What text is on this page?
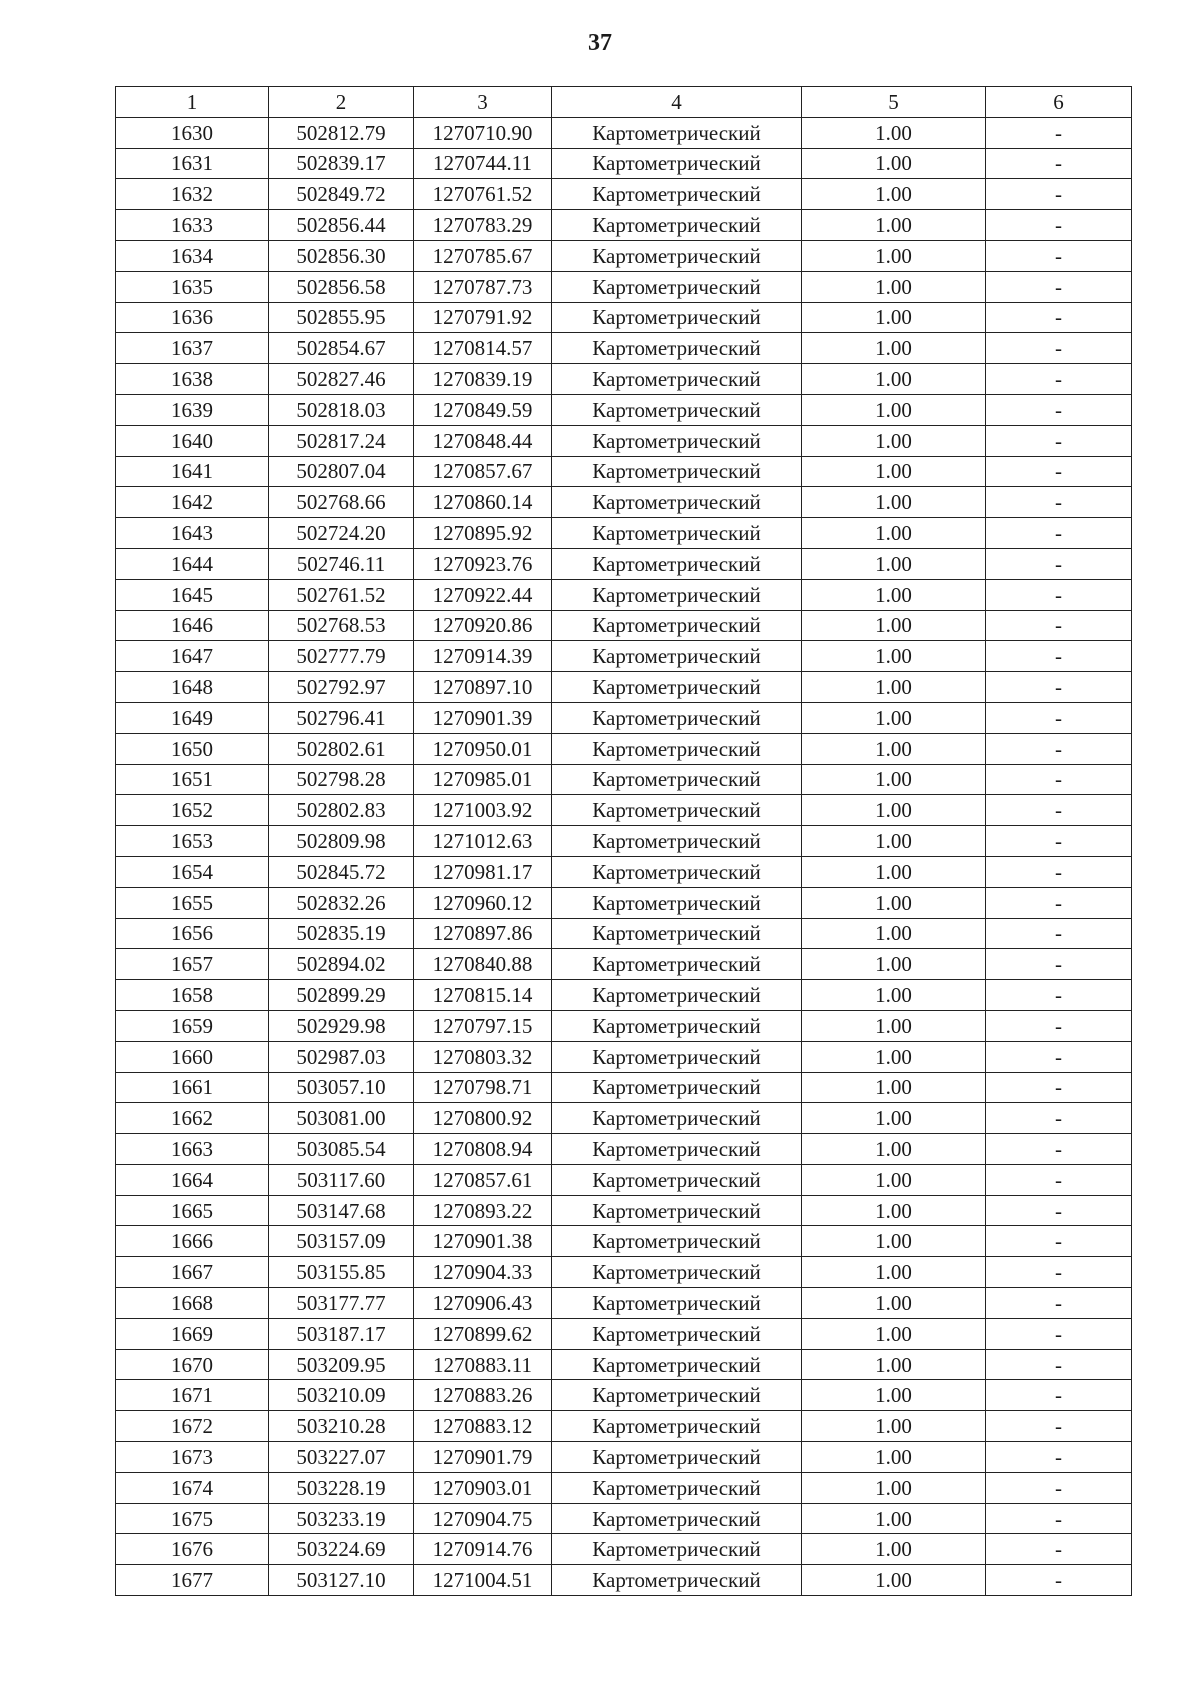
37
1	2	3	4	5	6
1630	502812.79	1270710.90	Картометрический	1.00	-
1631	502839.17	1270744.11	Картометрический	1.00	-
1632	502849.72	1270761.52	Картометрический	1.00	-
1633	502856.44	1270783.29	Картометрический	1.00	-
1634	502856.30	1270785.67	Картометрический	1.00	-
1635	502856.58	1270787.73	Картометрический	1.00	-
1636	502855.95	1270791.92	Картометрический	1.00	-
1637	502854.67	1270814.57	Картометрический	1.00	-
1638	502827.46	1270839.19	Картометрический	1.00	-
1639	502818.03	1270849.59	Картометрический	1.00	-
1640	502817.24	1270848.44	Картометрический	1.00	-
1641	502807.04	1270857.67	Картометрический	1.00	-
1642	502768.66	1270860.14	Картометрический	1.00	-
1643	502724.20	1270895.92	Картометрический	1.00	-
1644	502746.11	1270923.76	Картометрический	1.00	-
1645	502761.52	1270922.44	Картометрический	1.00	-
1646	502768.53	1270920.86	Картометрический	1.00	-
1647	502777.79	1270914.39	Картометрический	1.00	-
1648	502792.97	1270897.10	Картометрический	1.00	-
1649	502796.41	1270901.39	Картометрический	1.00	-
1650	502802.61	1270950.01	Картометрический	1.00	-
1651	502798.28	1270985.01	Картометрический	1.00	-
1652	502802.83	1271003.92	Картометрический	1.00	-
1653	502809.98	1271012.63	Картометрический	1.00	-
1654	502845.72	1270981.17	Картометрический	1.00	-
1655	502832.26	1270960.12	Картометрический	1.00	-
1656	502835.19	1270897.86	Картометрический	1.00	-
1657	502894.02	1270840.88	Картометрический	1.00	-
1658	502899.29	1270815.14	Картометрический	1.00	-
1659	502929.98	1270797.15	Картометрический	1.00	-
1660	502987.03	1270803.32	Картометрический	1.00	-
1661	503057.10	1270798.71	Картометрический	1.00	-
1662	503081.00	1270800.92	Картометрический	1.00	-
1663	503085.54	1270808.94	Картометрический	1.00	-
1664	503117.60	1270857.61	Картометрический	1.00	-
1665	503147.68	1270893.22	Картометрический	1.00	-
1666	503157.09	1270901.38	Картометрический	1.00	-
1667	503155.85	1270904.33	Картометрический	1.00	-
1668	503177.77	1270906.43	Картометрический	1.00	-
1669	503187.17	1270899.62	Картометрический	1.00	-
1670	503209.95	1270883.11	Картометрический	1.00	-
1671	503210.09	1270883.26	Картометрический	1.00	-
1672	503210.28	1270883.12	Картометрический	1.00	-
1673	503227.07	1270901.79	Картометрический	1.00	-
1674	503228.19	1270903.01	Картометрический	1.00	-
1675	503233.19	1270904.75	Картометрический	1.00	-
1676	503224.69	1270914.76	Картометрический	1.00	-
1677	503127.10	1271004.51	Картометрический	1.00	-
